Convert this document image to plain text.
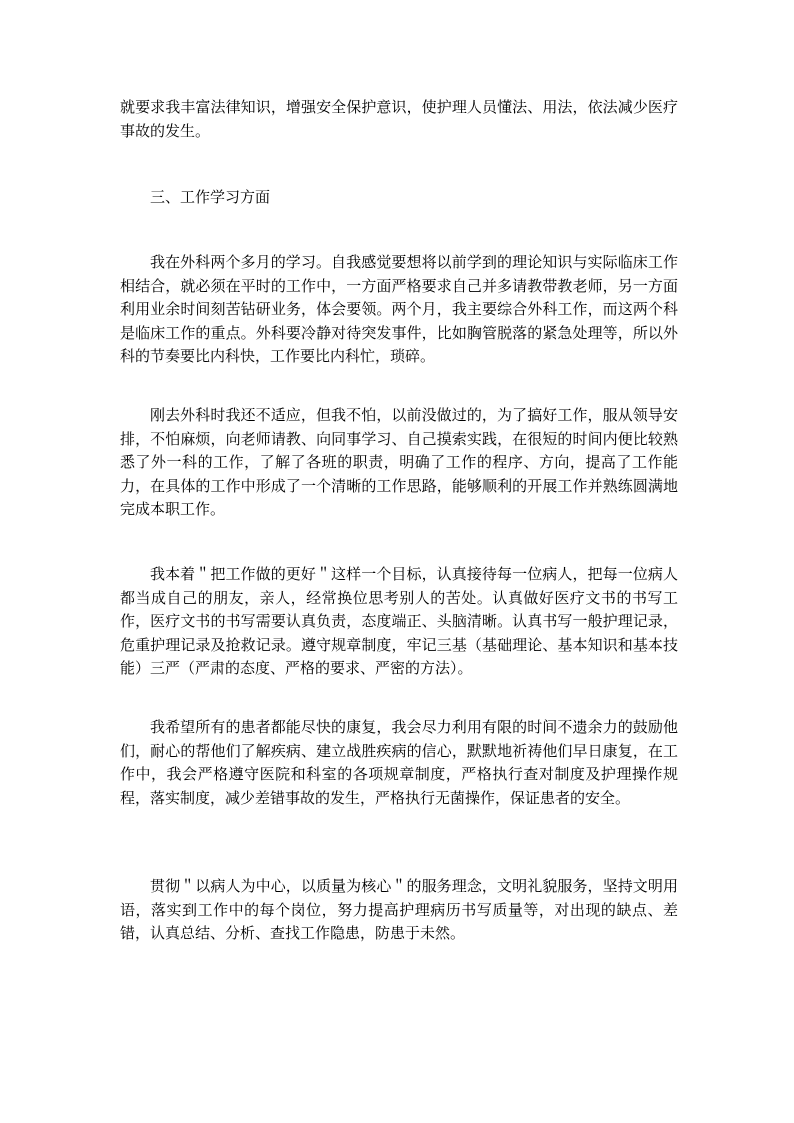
就要求我丰富法律知识，增强安全保护意识，使护理人员懂法、用法，依法减少医疗事故的发生。

三、工作学习方面

我在外科两个多月的学习。自我感觉要想将以前学到的理论知识与实际临床工作相结合，就必须在平时的工作中，一方面严格要求自己并多请教带教老师，另一方面利用业余时间刻苦钻研业务，体会要领。两个月，我主要综合外科工作，而这两个科是临床工作的重点。外科要冷静对待突发事件，比如胸管脱落的紧急处理等，所以外科的节奏要比内科快，工作要比内科忙，琐碎。

刚去外科时我还不适应，但我不怕，以前没做过的，为了搞好工作，服从领导安排，不怕麻烦，向老师请教、向同事学习、自己摸索实践，在很短的时间内便比较熟悉了外一科的工作，了解了各班的职责，明确了工作的程序、方向，提高了工作能力，在具体的工作中形成了一个清晰的工作思路，能够顺利的开展工作并熟练圆满地完成本职工作。

我本着＂把工作做的更好＂这样一个目标，认真接待每一位病人，把每一位病人都当成自己的朋友，亲人，经常换位思考别人的苦处。认真做好医疗文书的书写工作，医疗文书的书写需要认真负责，态度端正、头脑清晰。认真书写一般护理记录，危重护理记录及抢救记录。遵守规章制度，牢记三基（基础理论、基本知识和基本技能）三严（严肃的态度、严格的要求、严密的方法）。

我希望所有的患者都能尽快的康复，我会尽力利用有限的时间不遗余力的鼓励他们，耐心的帮他们了解疾病、建立战胜疾病的信心，默默地祈祷他们早日康复，在工作中，我会严格遵守医院和科室的各项规章制度，严格执行查对制度及护理操作规程，落实制度，减少差错事故的发生，严格执行无菌操作，保证患者的安全。

贯彻＂以病人为中心，以质量为核心＂的服务理念，文明礼貌服务，坚持文明用语，落实到工作中的每个岗位，努力提高护理病历书写质量等，对出现的缺点、差错，认真总结、分析、查找工作隐患，防患于未然。
